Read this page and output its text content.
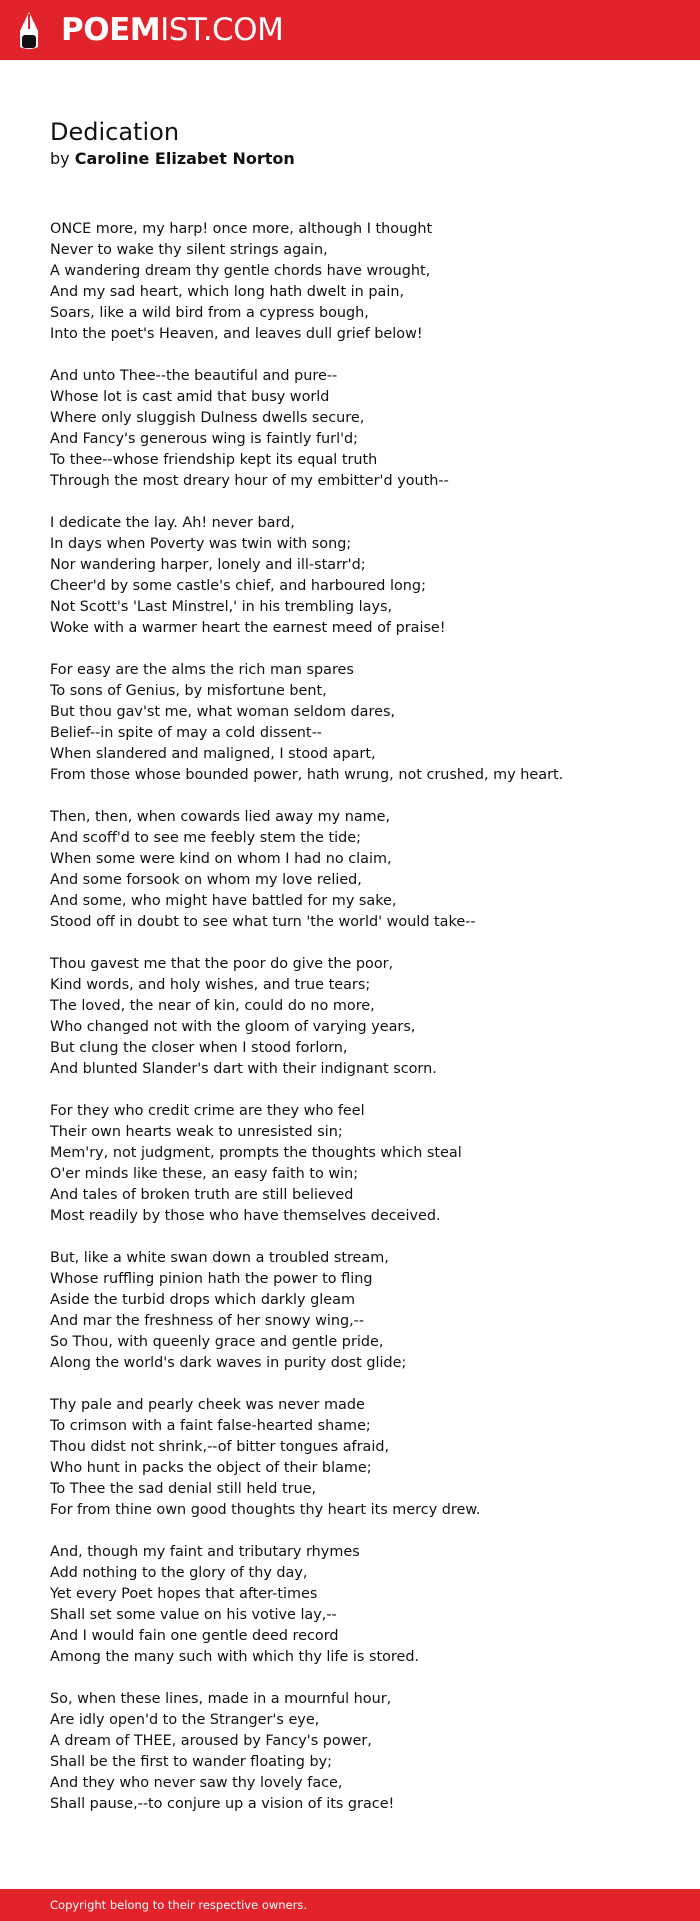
POEMIST.COM
Dedication
by Caroline Elizabet Norton
ONCE more, my harp! once more, although I thought
Never to wake thy silent strings again,
A wandering dream thy gentle chords have wrought,
And my sad heart, which long hath dwelt in pain,
Soars, like a wild bird from a cypress bough,
Into the poet's Heaven, and leaves dull grief below!
And unto Thee--the beautiful and pure--
Whose lot is cast amid that busy world
Where only sluggish Dulness dwells secure,
And Fancy's generous wing is faintly furl'd;
To thee--whose friendship kept its equal truth
Through the most dreary hour of my embitter'd youth--
I dedicate the lay. Ah! never bard,
In days when Poverty was twin with song;
Nor wandering harper, lonely and ill-starr'd;
Cheer'd by some castle's chief, and harboured long;
Not Scott's 'Last Minstrel,' in his trembling lays,
Woke with a warmer heart the earnest meed of praise!
For easy are the alms the rich man spares
To sons of Genius, by misfortune bent,
But thou gav'st me, what woman seldom dares,
Belief--in spite of may a cold dissent--
When slandered and maligned, I stood apart,
From those whose bounded power, hath wrung, not crushed, my heart.
Then, then, when cowards lied away my name,
And scoff'd to see me feebly stem the tide;
When some were kind on whom I had no claim,
And some forsook on whom my love relied,
And some, who might have battled for my sake,
Stood off in doubt to see what turn 'the world' would take--
Thou gavest me that the poor do give the poor,
Kind words, and holy wishes, and true tears;
The loved, the near of kin, could do no more,
Who changed not with the gloom of varying years,
But clung the closer when I stood forlorn,
And blunted Slander's dart with their indignant scorn.
For they who credit crime are they who feel
Their own hearts weak to unresisted sin;
Mem'ry, not judgment, prompts the thoughts which steal
O'er minds like these, an easy faith to win;
And tales of broken truth are still believed
Most readily by those who have themselves deceived.
But, like a white swan down a troubled stream,
Whose ruffling pinion hath the power to fling
Aside the turbid drops which darkly gleam
And mar the freshness of her snowy wing,--
So Thou, with queenly grace and gentle pride,
Along the world's dark waves in purity dost glide;
Thy pale and pearly cheek was never made
To crimson with a faint false-hearted shame;
Thou didst not shrink,--of bitter tongues afraid,
Who hunt in packs the object of their blame;
To Thee the sad denial still held true,
For from thine own good thoughts thy heart its mercy drew.
And, though my faint and tributary rhymes
Add nothing to the glory of thy day,
Yet every Poet hopes that after-times
Shall set some value on his votive lay,--
And I would fain one gentle deed record
Among the many such with which thy life is stored.
So, when these lines, made in a mournful hour,
Are idly open'd to the Stranger's eye,
A dream of THEE, aroused by Fancy's power,
Shall be the first to wander floating by;
And they who never saw thy lovely face,
Shall pause,--to conjure up a vision of its grace!
Copyright belong to their respective owners.
